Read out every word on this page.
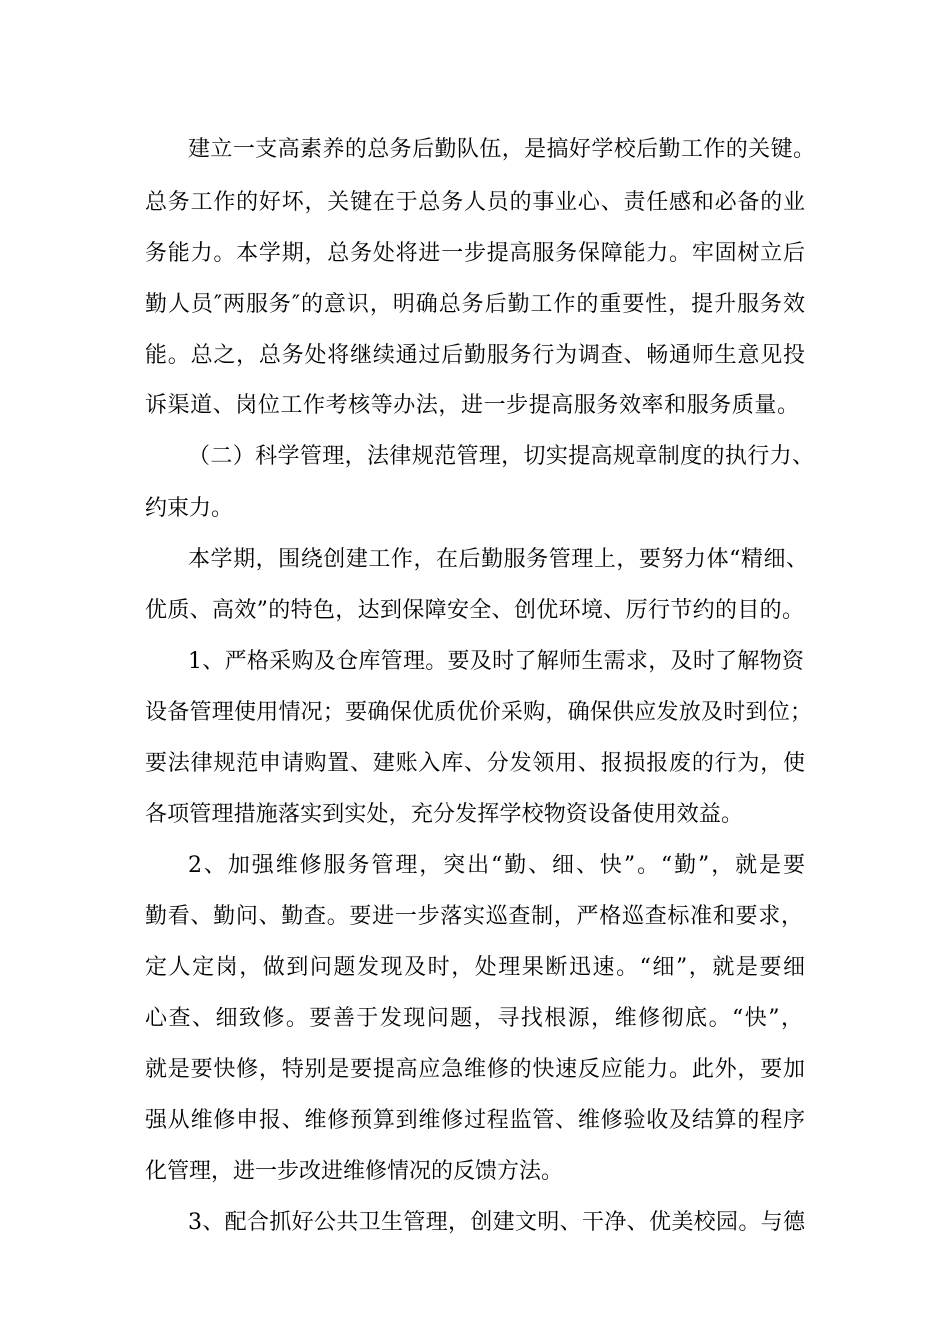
建立一支高素养的总务后勤队伍，是搞好学校后勤工作的关键。
总务工作的好坏，关键在于总务人员的事业心、责任感和必备的业
务能力。本学期，总务处将进一步提高服务保障能力。牢固树立后
勤人员″两服务″的意识，明确总务后勤工作的重要性，提升服务效
能。总之，总务处将继续通过后勤服务行为调查、畅通师生意见投
诉渠道、岗位工作考核等办法，进一步提高服务效率和服务质量。
（二）科学管理，法律规范管理，切实提高规章制度的执行力、
约束力。
本学期，围绕创建工作，在后勤服务管理上，要努力体“精细、
优质、高效”的特色，达到保障安全、创优环境、厉行节约的目的。
1、严格采购及仓库管理。要及时了解师生需求，及时了解物资
设备管理使用情况；要确保优质优价采购，确保供应发放及时到位；
要法律规范申请购置、建账入库、分发领用、报损报废的行为，使
各项管理措施落实到实处，充分发挥学校物资设备使用效益。
2、加强维修服务管理，突出“勤、细、快”。“勤”，就是要
勤看、勤问、勤查。要进一步落实巡查制，严格巡查标准和要求，
定人定岗，做到问题发现及时，处理果断迅速。“细”，就是要细
心查、细致修。要善于发现问题，寻找根源，维修彻底。“快”，
就是要快修，特别是要提高应急维修的快速反应能力。此外，要加
强从维修申报、维修预算到维修过程监管、维修验收及结算的程序
化管理，进一步改进维修情况的反馈方法。
3、配合抓好公共卫生管理，创建文明、干净、优美校园。与德
